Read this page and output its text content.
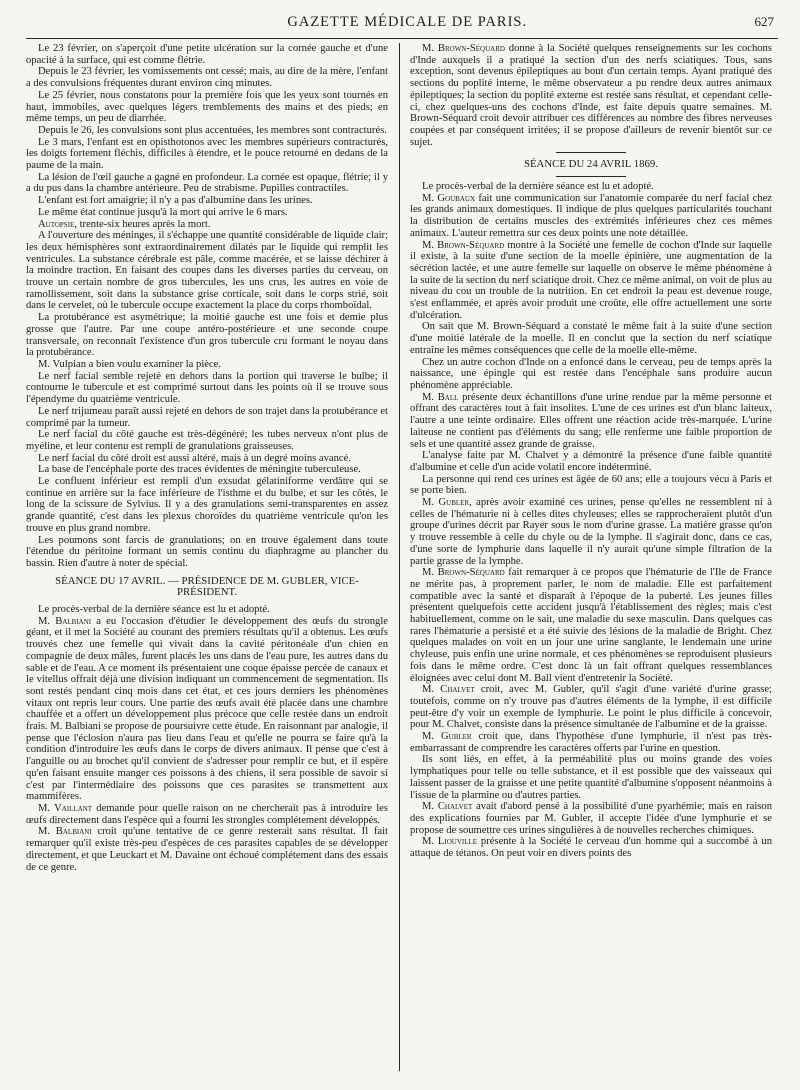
GAZETTE MÉDICALE DE PARIS.	627

Le 23 février, on s'aperçoit d'une petite ulcération sur la cornée gauche et d'une opacité à la surface, qui est comme flétrie.

Depuis le 23 février, les vomissements ont cessé; mais, au dire de la mère, l'enfant a des convulsions fréquentes durant environ cinq minutes.

Le 25 février, nous constatons pour la première fois que les yeux sont tournés en haut, immobiles, avec quelques légers tremblements des mains et des pieds; en même temps, un peu de diarrhée.

Depuis le 26, les convulsions sont plus accentuées, les membres sont contracturés.

Le 3 mars, l'enfant est en opisthotonos avec les membres supérieurs contracturés, les doigts fortement fléchis, difficiles à étendre, et le pouce retourné en dedans de la paume de la main.

La lésion de l'œil gauche a gagné en profondeur. La cornée est opaque, flétrie; il y a du pus dans la chambre antérieure. Peu de strabisme. Pupilles contractiles.

L'enfant est fort amaigrie; il n'y a pas d'albumine dans les urines.

Le même état continue jusqu'à la mort qui arrive le 6 mars.

Autopsie, trente-six heures après la mort.

A l'ouverture des méninges, il s'échappe une quantité considérable de liquide clair; les deux hémisphères sont extraordinairement dilatés par le liquide qui remplit les ventricules. La substance cérébrale est pâle, comme macérée, et se laisse déchirer à la moindre traction. En faisant des coupes dans les diverses parties du cerveau, on trouve un certain nombre de gros tubercules, les uns crus, les autres en voie de ramollissement, soit dans la substance grise corticale, soit dans le corps strié, soit dans le cervelet, où le tubercule occupe exactement la place du corps rhomboïdal.

La protubérance est asymétrique; la moitié gauche est une fois et demie plus grosse que l'autre. Par une coupe antéro-postérieure et une seconde coupe transversale, on reconnaît l'existence d'un gros tubercule cru formant le noyau dans la protubérance.

M. Vulpian a bien voulu examiner la pièce.

Le nerf facial semble rejeté en dehors dans la portion qui traverse le bulbe; il contourne le tubercule et est comprimé surtout dans les points où il se trouve sous l'épendyme du quatrième ventricule.

Le nerf trijumeau paraît aussi rejeté en dehors de son trajet dans la protubérance et comprimé par la tumeur.

Le nerf facial du côté gauche est très-dégénéré; les tubes nerveux n'ont plus de myéline, et leur contenu est rempli de granulations graisseuses.

Le nerf facial du côté droit est aussi altéré, mais à un degré moins avancé.

La base de l'encéphale porte des traces évidentes de méningite tuberculeuse.

Le confluent inférieur est rempli d'un exsudat gélatiniforme verdâtre qui se continue en arrière sur la face inférieure de l'isthme et du bulbe, et sur les côtés, le long de la scissure de Sylvius. Il y a des granulations semi-transparentes en assez grande quantité, c'est dans les plexus choroïdes du quatrième ventricule qu'on les trouve en plus grand nombre.

Les poumons sont farcis de granulations; on en trouve également dans toute l'étendue du péritoine formant un semis continu du diaphragme au plancher du bassin. Rien d'autre à noter de spécial.

SÉANCE DU 17 AVRIL. — PRÉSIDENCE DE M. GUBLER, VICE-PRÉSIDENT.

Le procès-verbal de la dernière séance est lu et adopté.

M. Balbiani a eu l'occasion d'étudier le développement des œufs du strongle géant, et il met la Société au courant des premiers résultats qu'il a obtenus. Les œufs trouvés chez une femelle qui vivait dans la cavité péritonéale d'un chien en compagnie de deux mâles, furent placés les uns dans de l'eau pure, les autres dans du sable et de l'eau. A ce moment ils présentaient une coque épaisse percée de canaux et le vitellus offrait déjà une division indiquant un commencement de segmentation. Ils sont restés pendant cinq mois dans cet état, et ces jours derniers les phénomènes vitaux ont repris leur cours. Une partie des œufs avait été placée dans une chambre chauffée et a offert un développement plus précoce que celle restée dans un endroit frais. M. Balbiani se propose de poursuivre cette étude. En raisonnant par analogie, il pense que l'éclosion n'aura pas lieu dans l'eau et qu'elle ne pourra se faire qu'à la condition d'introduire les œufs dans le corps de divers animaux. Il pense que c'est à l'anguille ou au brochet qu'il convient de s'adresser pour remplir ce but, et il espère qu'en faisant ensuite manger ces poissons à des chiens, il sera possible de savoir si c'est par l'intermédiaire des poissons que ces parasites se transmettent aux mammifères.

M. Vaillant demande pour quelle raison on ne chercherait pas à introduire les œufs directement dans l'espèce qui a fourni les strongles complétement développés.

M. Balbiani croit qu'une tentative de ce genre resterait sans résultat. Il fait remarquer qu'il existe très-peu d'espèces de ces parasites capables de se développer directement, et que Leuckart et M. Davaine ont échoué complétement dans des essais de ce genre.

M. Brown-Séquard donne à la Société quelques renseignements sur les cochons d'Inde auxquels il a pratiqué la section d'un des nerfs sciatiques. Tous, sans exception, sont devenus épileptiques au bout d'un certain temps. Ayant pratiqué des sections du poplité interne, le même observateur a pu rendre deux autres animaux épileptiques; la section du poplité externe est restée sans résultat, et cependant celle-ci, chez quelques-uns des cochons d'Inde, est faite depuis quatre semaines. M. Brown-Séquard croit devoir attribuer ces différences au nombre des fibres nerveuses coupées et par conséquent irritées; il se propose d'ailleurs de revenir bientôt sur ce sujet.

SÉANCE DU 24 AVRIL 1869.

Le procès-verbal de la dernière séance est lu et adopté.

M. Goubaux fait une communication sur l'anatomie comparée du nerf facial chez les grands animaux domestiques. Il indique de plus quelques particularités touchant la distribution de certains muscles des extrémités inférieures chez ces mêmes animaux. L'auteur remettra sur ces deux points une note détaillée.

M. Brown-Séquard montre à la Société une femelle de cochon d'Inde sur laquelle il existe, à la suite d'une section de la moelle épinière, une augmentation de la sécrétion lactée, et une autre femelle sur laquelle on observe le même phénomène à la suite de la section du nerf sciatique droit. Chez ce même animal, on voit de plus au niveau du cou un trouble de la nutrition. En cet endroit la peau est devenue rouge, s'est enflammée, et après avoir produit une croûte, elle offre actuellement une sorte d'ulcération.

On sait que M. Brown-Séquard a constaté le même fait à la suite d'une section d'une moitié latérale de la moelle. Il en conclut que la section du nerf sciatique entraîne les mêmes conséquences que celle de la moelle elle-même.

Chez un autre cochon d'Inde on a enfoncé dans le cerveau, peu de temps après la naissance, une épingle qui est restée dans l'encéphale sans produire aucun phénomène appréciable.

M. Ball présente deux échantillons d'une urine rendue par la même personne et offrant des caractères tout à fait insolites. L'une de ces urines est d'un blanc laiteux, l'autre a une teinte ordinaire. Elles offrent une réaction acide très-marquée. L'urine laiteuse ne contient pas d'éléments du sang; elle renferme une faible proportion de sels et une quantité assez grande de graisse.

L'analyse faite par M. Chalvet y a démontré la présence d'une faible quantité d'albumine et celle d'un acide volatil encore indéterminé.

La personne qui rend ces urines est âgée de 60 ans; elle a toujours vécu à Paris et se porte bien.

M. Gubler, après avoir examiné ces urines, pense qu'elles ne ressemblent ni à celles de l'hématurie ni à celles dites chyleuses; elles se rapprocheraient plutôt d'un groupe d'urines décrit par Rayer sous le nom d'urine grasse. La matière grasse qu'on y trouve ressemble à celle du chyle ou de la lymphe. Il s'agirait donc, dans ce cas, d'une sorte de lymphurie dans laquelle il n'y aurait qu'une simple filtration de la partie grasse de la lymphe.

M. Brown-Séquard fait remarquer à ce propos que l'hématurie de l'Ile de France ne mérite pas, à proprement parler, le nom de maladie. Elle est parfaitement compatible avec la santé et disparaît à l'époque de la puberté. Les jeunes filles présentent quelquefois cette accident jusqu'à l'établissement des règles; mais c'est habituellement, comme on le sait, une maladie du sexe masculin. Dans quelques cas rares l'hématurie a persisté et a été suivie des lésions de la maladie de Bright. Chez quelques malades on voit en un jour une urine sanglante, le lendemain une urine chyleuse, puis enfin une urine normale, et ces phénomènes se reproduisent plusieurs fois dans le même ordre. C'est donc là un fait offrant quelques ressemblances éloignées avec celui dont M. Ball vient d'entretenir la Société.

M. Chalvet croit, avec M. Gubler, qu'il s'agit d'une variété d'urine grasse; toutefois, comme on n'y trouve pas d'autres éléments de la lymphe, il est difficile peut-être d'y voir un exemple de lymphurie. Le point le plus difficile à concevoir, pour M. Chalvet, consiste dans la présence simultanée de l'albumine et de la graisse.

M. Gubler croit que, dans l'hypothèse d'une lymphurie, il n'est pas très-embarrassant de comprendre les caractères offerts par l'urine en question.

Ils sont liés, en effet, à la perméabilité plus ou moins grande des voies lymphatiques pour telle ou telle substance, et il est possible que des vaisseaux qui laissent passer de la graisse et une petite quantité d'albumine s'opposent néanmoins à l'issue de la plarmine ou d'autres parties.

M. Chalvet avait d'abord pensé à la possibilité d'une pyarhémie; mais en raison des explications fournies par M. Gubler, il accepte l'idée d'une lymphurie et se propose de soumettre ces urines singulières à de nouvelles recherches chimiques.

M. Liouville présente à la Société le cerveau d'un homme qui a succombé à un attaque de tétanos. On peut voir en divers points des
